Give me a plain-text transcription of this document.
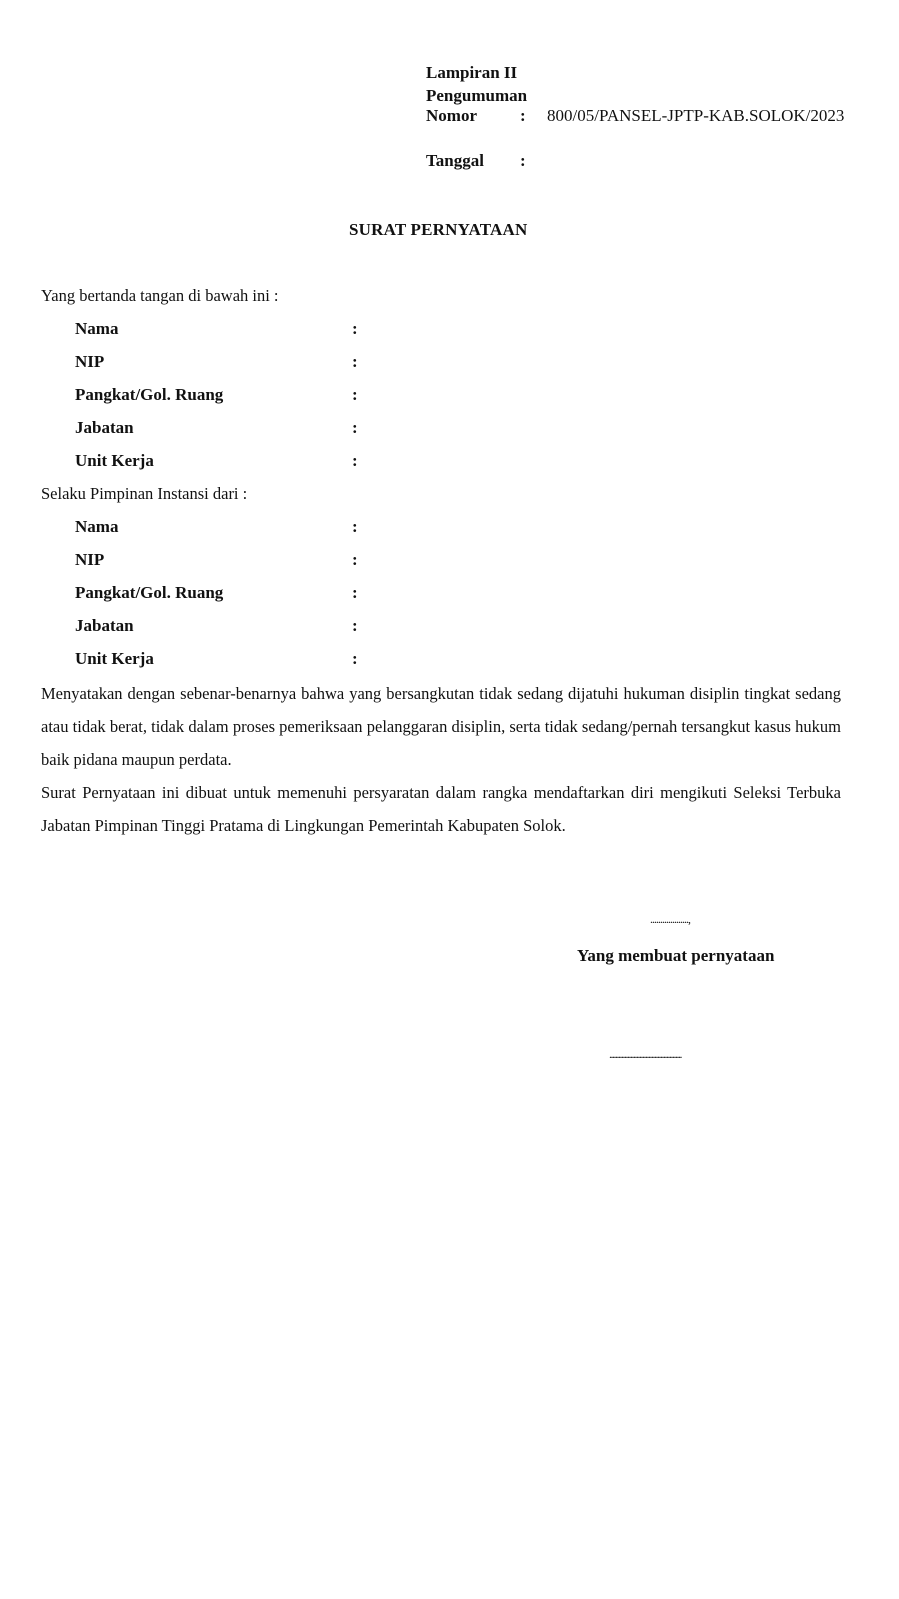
Lampiran II
Pengumuman
Nomor	: 800/05/PANSEL-JPTP-KAB.SOLOK/2023
Tanggal :
SURAT PERNYATAAN
Yang bertanda tangan di bawah ini :
Nama	:
NIP	:
Pangkat/Gol. Ruang	:
Jabatan	:
Unit Kerja	:
Selaku Pimpinan Instansi dari :
Nama	:
NIP	:
Pangkat/Gol. Ruang	:
Jabatan	:
Unit Kerja	:
Menyatakan dengan sebenar-benarnya bahwa yang bersangkutan tidak sedang dijatuhi hukuman disiplin tingkat sedang atau tidak berat, tidak dalam proses pemeriksaan pelanggaran disiplin, serta tidak sedang/pernah tersangkut kasus hukum baik pidana maupun perdata.
Surat Pernyataan ini dibuat untuk memenuhi persyaratan dalam rangka mendaftarkan diri mengikuti Seleksi Terbuka Jabatan Pimpinan Tinggi Pratama di Lingkungan Pemerintah Kabupaten Solok.
...................,
Yang membuat pernyataan
................................................
